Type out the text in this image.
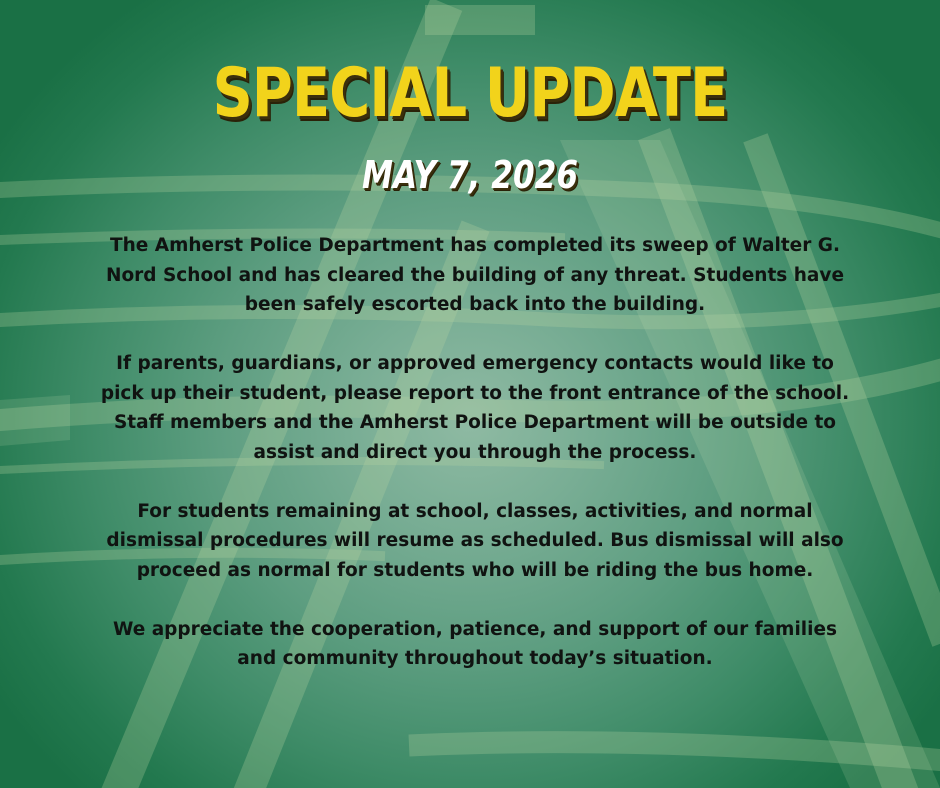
SPECIAL UPDATE
MAY 7, 2026

The Amherst Police Department has completed its sweep of Walter G. Nord School and has cleared the building of any threat. Students have been safely escorted back into the building.

If parents, guardians, or approved emergency contacts would like to pick up their student, please report to the front entrance of the school. Staff members and the Amherst Police Department will be outside to assist and direct you through the process.

For students remaining at school, classes, activities, and normal dismissal procedures will resume as scheduled. Bus dismissal will also proceed as normal for students who will be riding the bus home.

We appreciate the cooperation, patience, and support of our families and community throughout today’s situation.
